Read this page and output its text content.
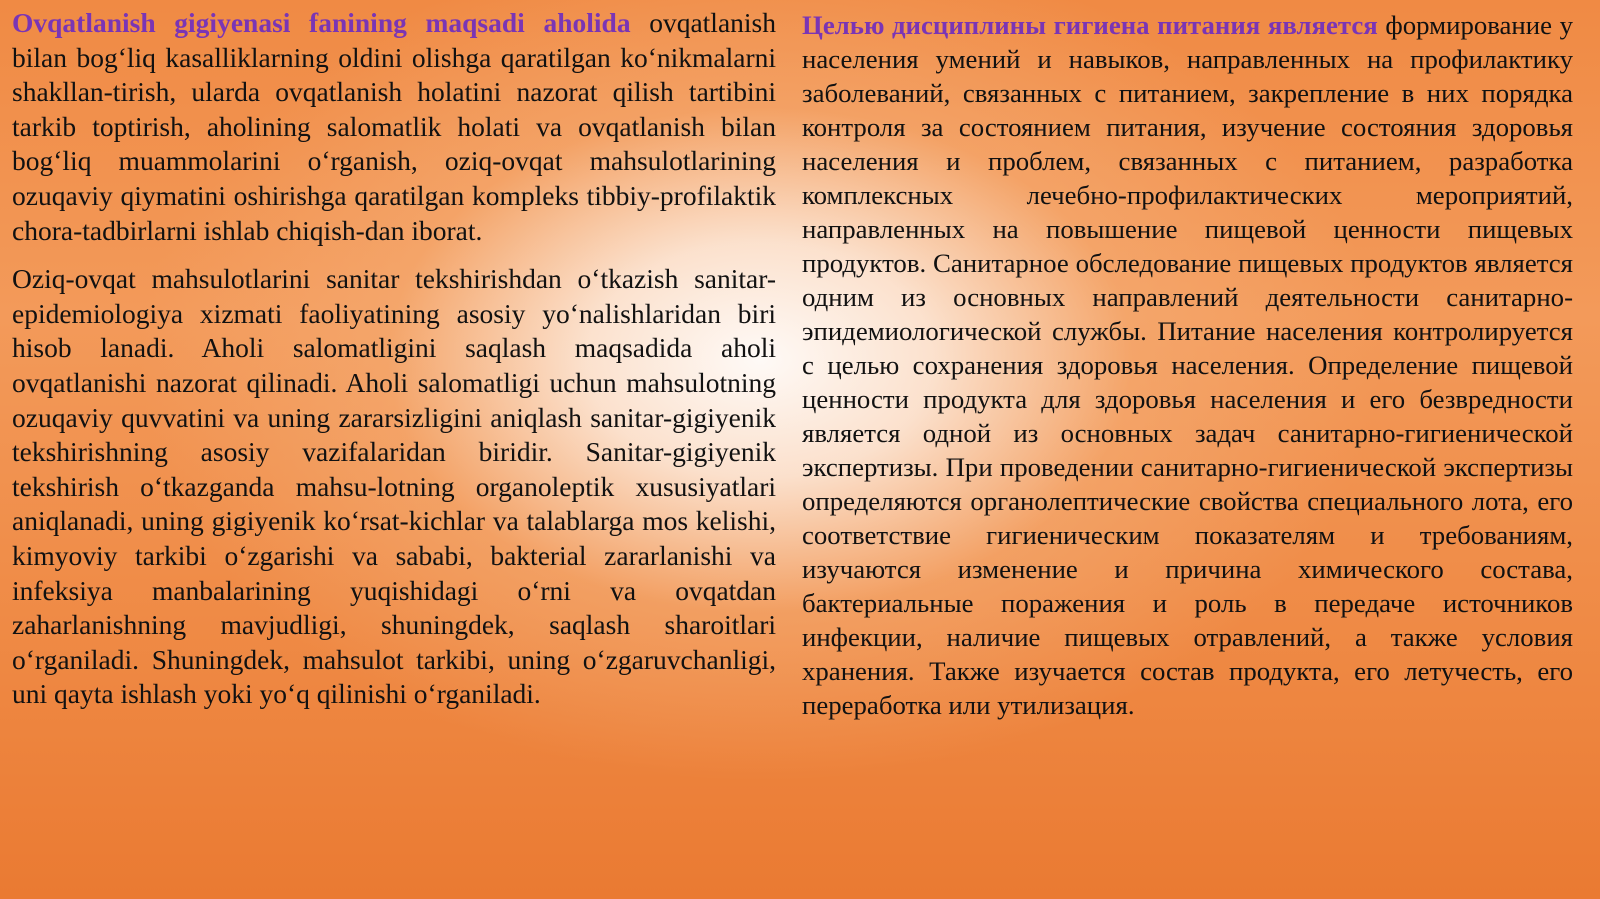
Ovqatlanish gigiyenasi fanining maqsadi aholida ovqatlanish bilan bog‘liq kasalliklarning oldini olishga qaratilgan ko‘nikmalarni shakllan-tirish, ularda ovqatlanish holatini nazorat qilish tartibini tarkib toptirish, aholining salomatlik holati va ovqatlanish bilan bog‘liq muammolarini o‘rganish, oziq-ovqat mahsulotlarining ozuqaviy qiymatini oshirishga qaratilgan kompleks tibbiy-profilaktik chora-tadbirlarni ishlab chiqish-dan iborat.

Oziq-ovqat mahsulotlarini sanitar tekshirishdan o‘tkazish sanitar-epidemiologiya xizmati faoliyatining asosiy yo‘nalishlaridan biri hisob lanadi. Aholi salomatligini saqlash maqsadida aholi ovqatlanishi nazorat qilinadi. Aholi salomatligi uchun mahsulotning ozuqaviy quvvatini va uning zararsizligini aniqlash sanitar-gigiyenik tekshirishning asosiy vazifalaridan biridir. Sanitar-gigiyenik tekshirish o‘tkazganda mahsu-lotning organoleptik xususiyatlari aniqlanadi, uning gigiyenik ko‘rsat-kichlar va talablarga mos kelishi, kimyoviy tarkibi o‘zgarishi va sababi, bakterial zararlanishi va infeksiya manbalarining yuqishidagi o‘rni va ovqatdan zaharlanishning mavjudligi, shuningdek, saqlash sharoitlari o‘rganiladi. Shuningdek, mahsulot tarkibi, uning o‘zgaruvchanligi, uni qayta ishlash yoki yo‘q qilinishi o‘rganiladi.

Целью дисциплины гигиена питания является формирование у населения умений и навыков, направленных на профилактику заболеваний, связанных с питанием, закрепление в них порядка контроля за состоянием питания, изучение состояния здоровья населения и проблем, связанных с питанием, разработка комплексных лечебно-профилактических мероприятий, направленных на повышение пищевой ценности пищевых продуктов. Санитарное обследование пищевых продуктов является одним из основных направлений деятельности санитарно-эпидемиологической службы. Питание населения контролируется с целью сохранения здоровья населения. Определение пищевой ценности продукта для здоровья населения и его безвредности является одной из основных задач санитарно-гигиенической экспертизы. При проведении санитарно-гигиенической экспертизы определяются органолептические свойства специального лота, его соответствие гигиеническим показателям и требованиям, изучаются изменение и причина химического состава, бактериальные поражения и роль в передаче источников инфекции, наличие пищевых отравлений, а также условия хранения. Также изучается состав продукта, его летучесть, его переработка или утилизация.
